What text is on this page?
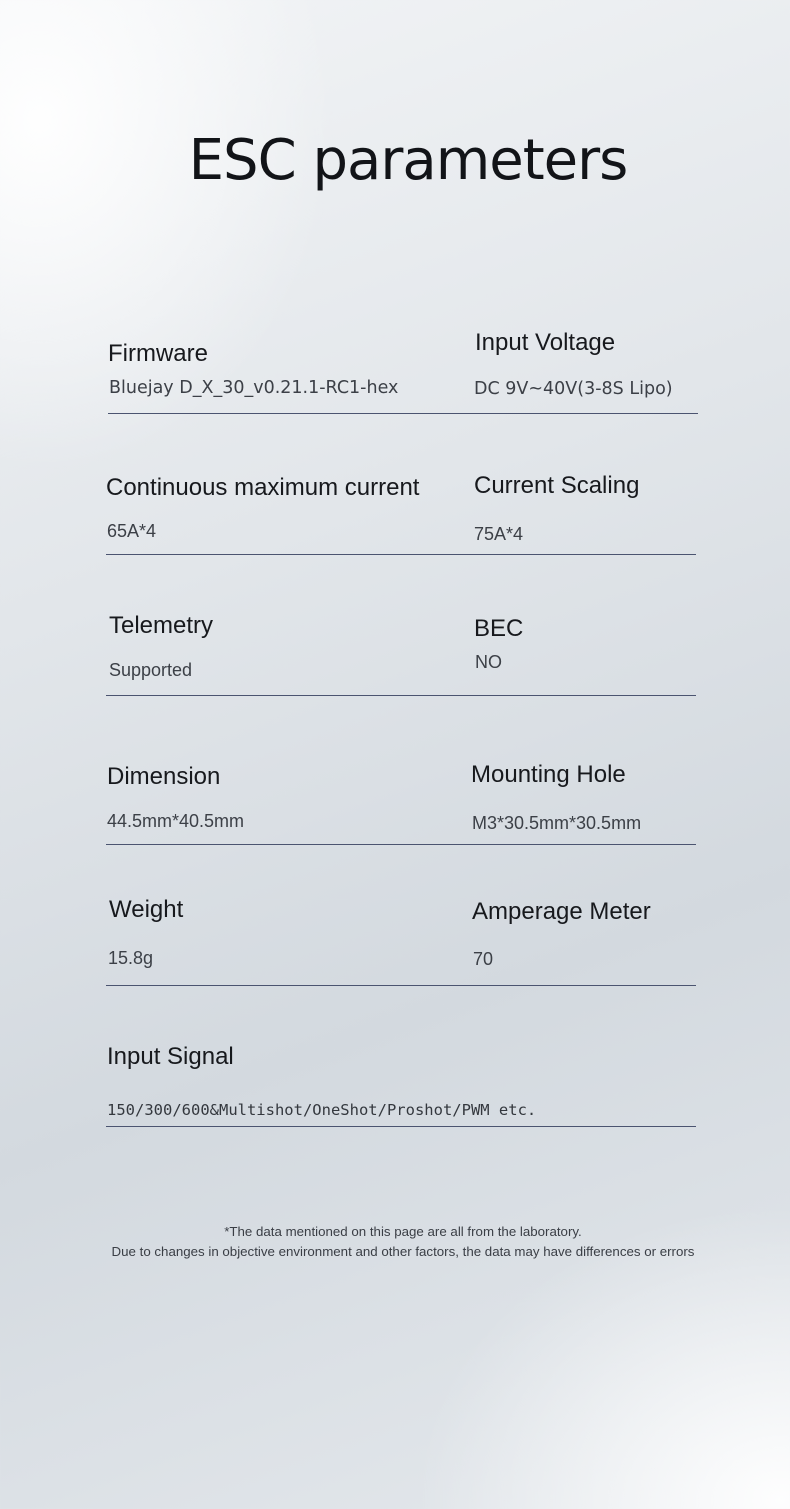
ESC parameters
Firmware
Bluejay D_X_30_v0.21.1-RC1-hex
Input Voltage
DC 9V~40V(3-8S Lipo)
Continuous maximum current
65A*4
Current Scaling
75A*4
Telemetry
Supported
BEC
NO
Dimension
44.5mm*40.5mm
Mounting Hole
M3*30.5mm*30.5mm
Weight
15.8g
Amperage Meter
70
Input Signal
150/300/600&Multishot/OneShot/Proshot/PWM etc.
*The data mentioned on this page are all from the laboratory.
Due to changes in objective environment and other factors, the data may have differences or errors
